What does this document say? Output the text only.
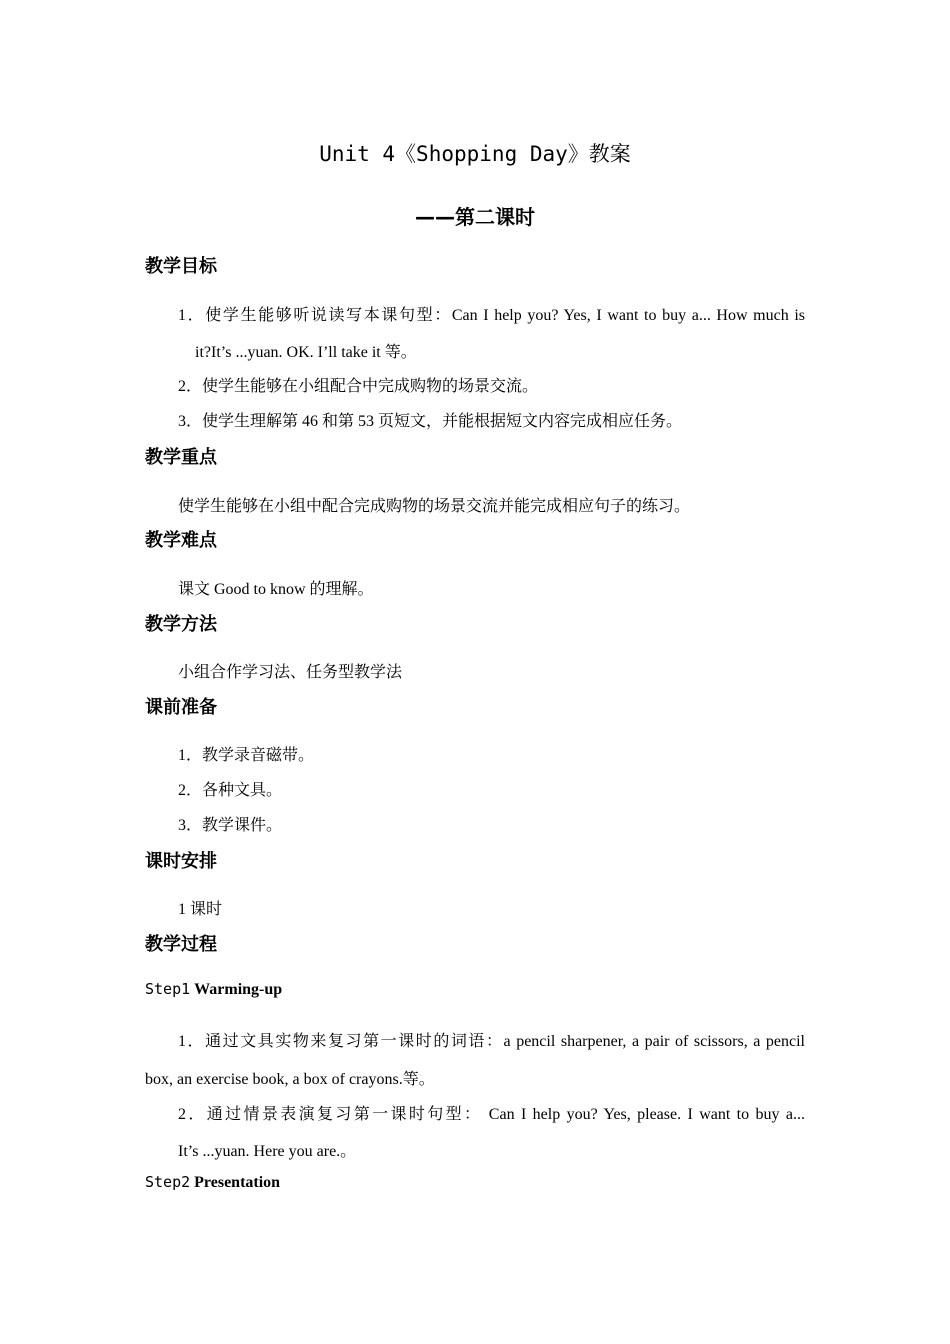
Unit 4《Shopping Day》教案
——第二课时
教学目标
1．使学生能够听说读写本课句型：Can I help you? Yes, I want to buy a... How much is
it?It’s ...yuan. OK. I’ll take it 等。
2．使学生能够在小组配合中完成购物的场景交流。
3．使学生理解第 46 和第 53 页短文，并能根据短文内容完成相应任务。
教学重点
使学生能够在小组中配合完成购物的场景交流并能完成相应句子的练习。
教学难点
课文 Good to know 的理解。
教学方法
小组合作学习法、任务型教学法
课前准备
1．教学录音磁带。
2．各种文具。
3．教学课件。
课时安排
1 课时
教学过程
Step1 Warming-up
1．通过文具实物来复习第一课时的词语：a pencil sharpener, a pair of scissors, a pencil
box, an exercise book, a box of crayons.等。
2．通过情景表演复习第一课时句型： Can I help you? Yes, please. I want to buy a...
It’s ...yuan. Here you are.。
Step2 Presentation
